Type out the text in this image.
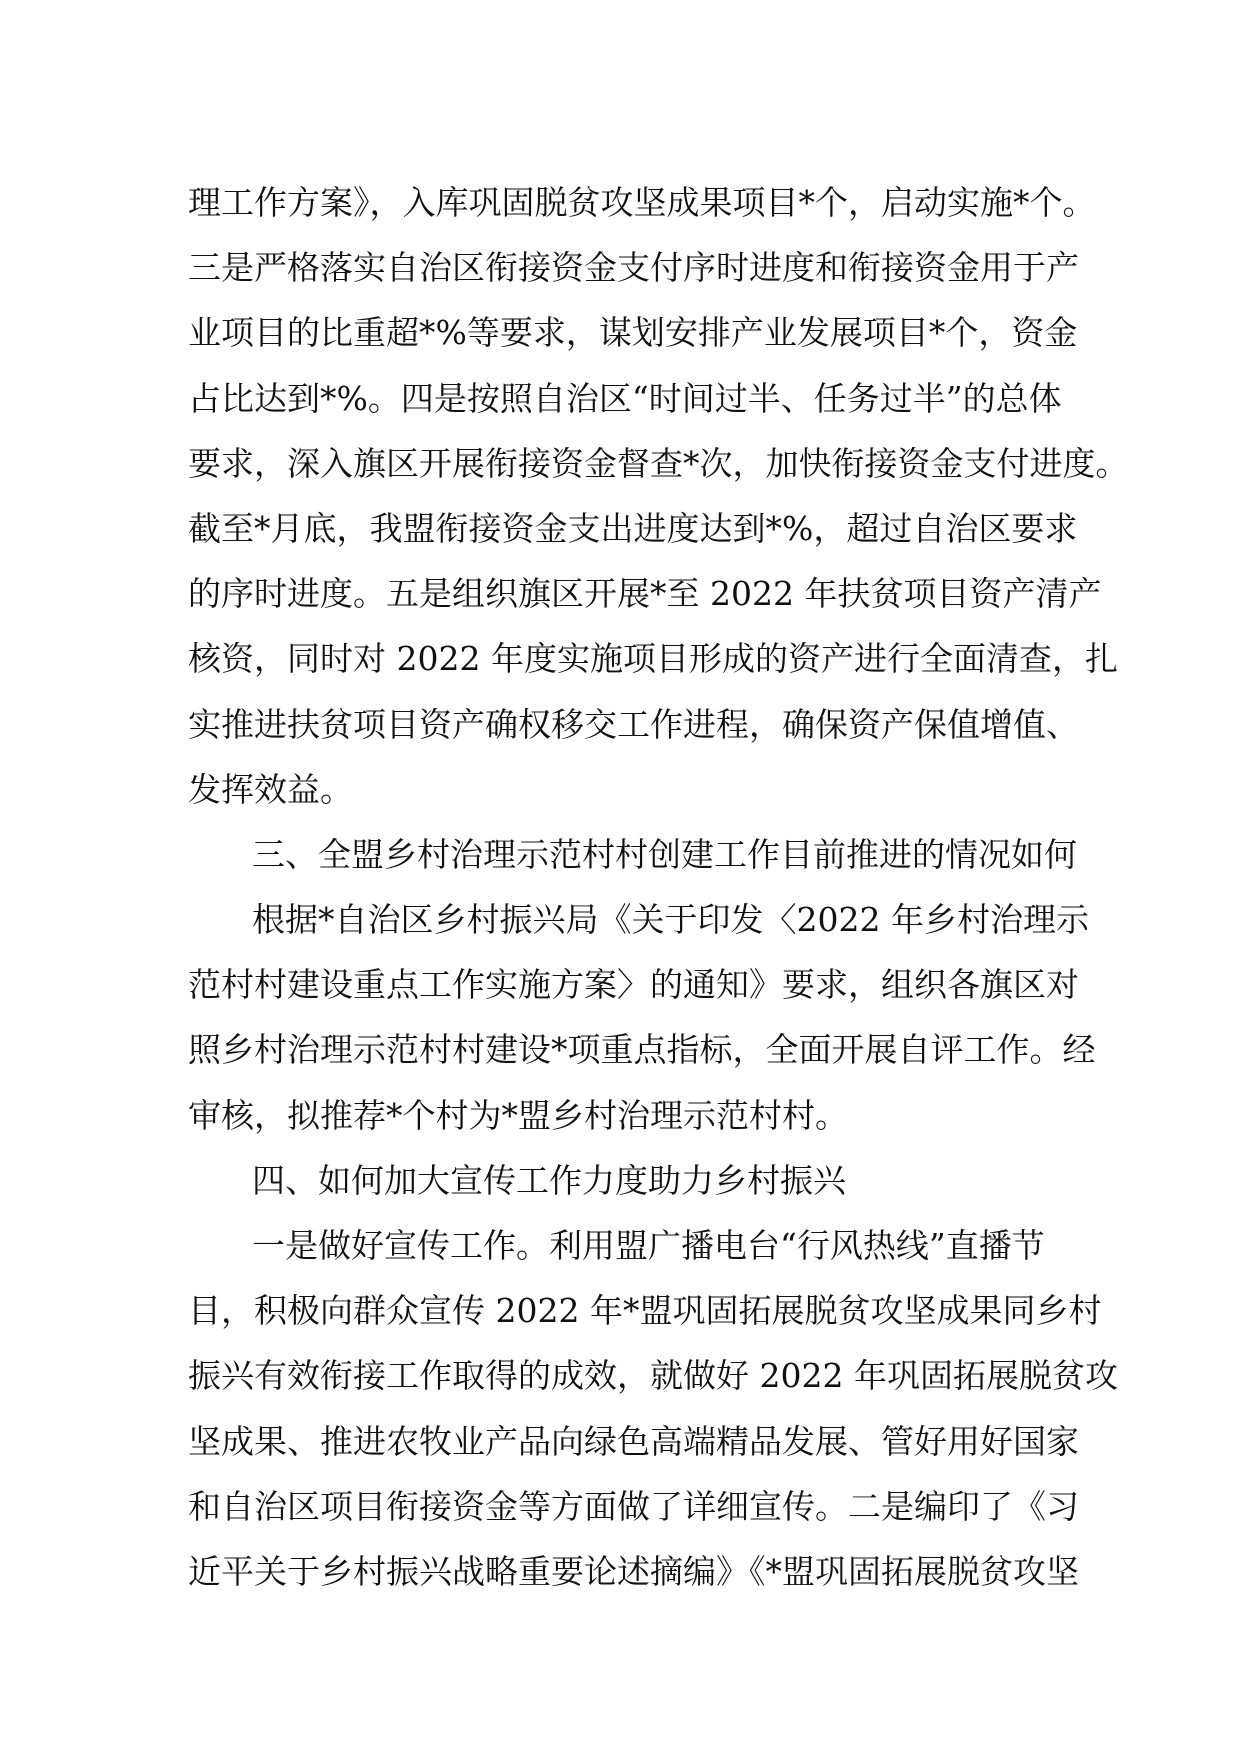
理工作方案》，入库巩固脱贫攻坚成果项目*个，启动实施*个。
三是严格落实自治区衔接资金支付序时进度和衔接资金用于产
业项目的比重超*%等要求，谋划安排产业发展项目*个，资金
占比达到*%。四是按照自治区“时间过半、任务过半”的总体
要求，深入旗区开展衔接资金督查*次，加快衔接资金支付进度。
截至*月底，我盟衔接资金支出进度达到*%，超过自治区要求
的序时进度。五是组织旗区开展*至 2022 年扶贫项目资产清产
核资，同时对 2022 年度实施项目形成的资产进行全面清查，扎
实推进扶贫项目资产确权移交工作进程，确保资产保值增值、
发挥效益。
三、全盟乡村治理示范村村创建工作目前推进的情况如何
根据*自治区乡村振兴局《关于印发〈2022 年乡村治理示
范村村建设重点工作实施方案〉的通知》要求，组织各旗区对
照乡村治理示范村村建设*项重点指标，全面开展自评工作。经
审核，拟推荐*个村为*盟乡村治理示范村村。
四、如何加大宣传工作力度助力乡村振兴
一是做好宣传工作。利用盟广播电台“行风热线”直播节
目，积极向群众宣传 2022 年*盟巩固拓展脱贫攻坚成果同乡村
振兴有效衔接工作取得的成效，就做好 2022 年巩固拓展脱贫攻
坚成果、推进农牧业产品向绿色高端精品发展、管好用好国家
和自治区项目衔接资金等方面做了详细宣传。二是编印了《习
近平关于乡村振兴战略重要论述摘编》《*盟巩固拓展脱贫攻坚
